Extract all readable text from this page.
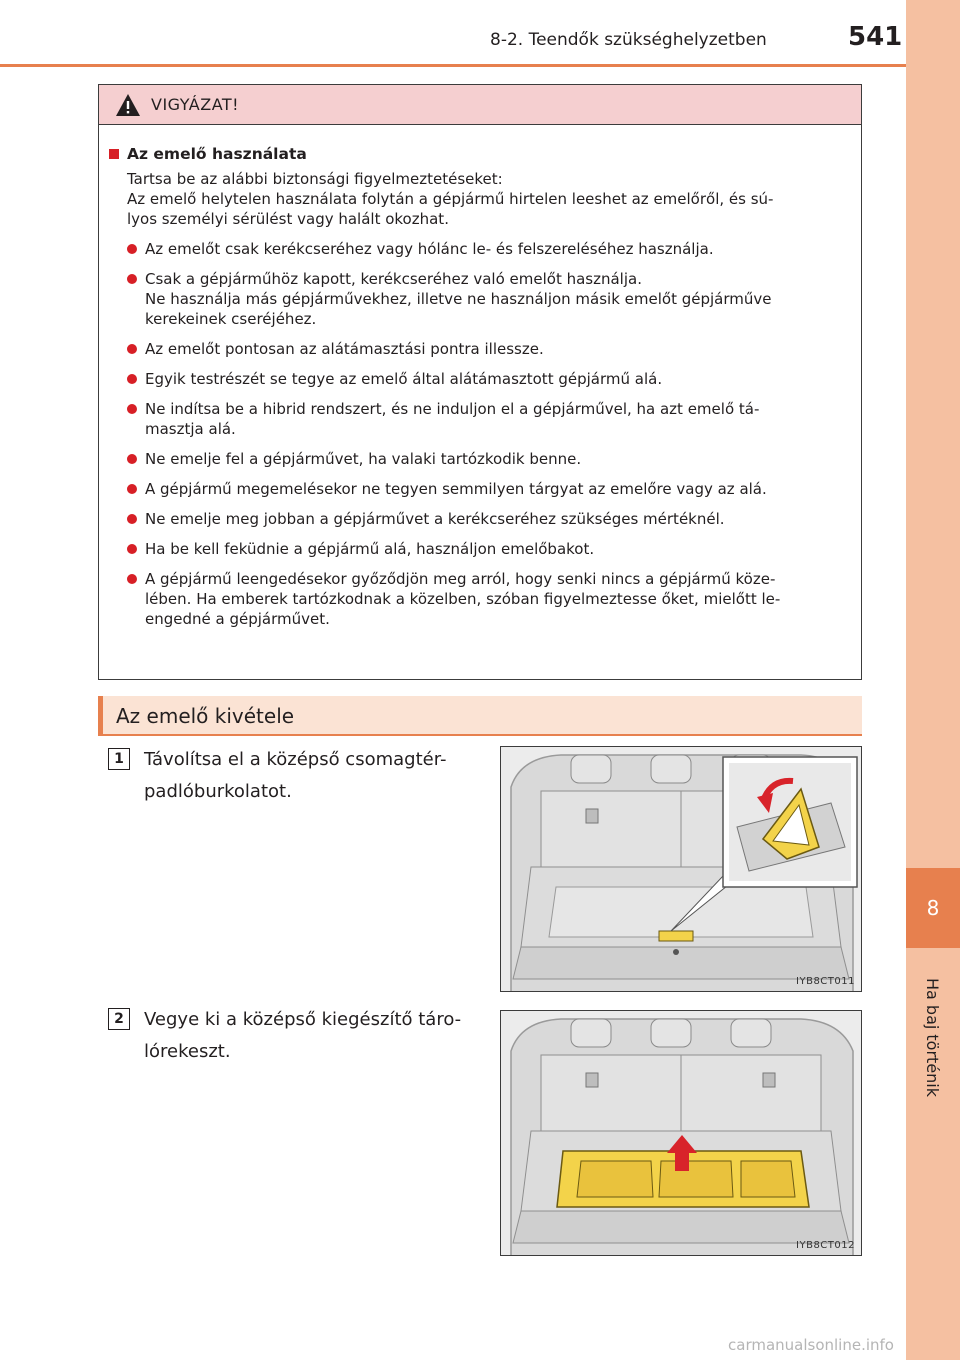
8
Ha baj történik
8-2. Teendők szükséghelyzetben	541
VIGYÁZAT!
Az emelő használata

Tartsa be az alábbi biztonsági figyelmeztetéseket:

Az emelő helytelen használata folytán a gépjármű hirtelen leeshet az emelőről, és sú-

lyos személyi sérülést vagy halált okozhat.

Az emelőt csak kerékcseréhez vagy hólánc le- és felszereléséhez használja.
Csak a gépjárműhöz kapott, kerékcseréhez való emelőt használja.
Ne használja más gépjárművekhez, illetve ne használjon másik emelőt gépjárműve
kerekeinek cseréjéhez.
Az emelőt pontosan az alátámasztási pontra illessze.
Egyik testrészét se tegye az emelő által alátámasztott gépjármű alá.
Ne indítsa be a hibrid rendszert, és ne induljon el a gépjárművel, ha azt emelő tá-
masztja alá.
Ne emelje fel a gépjárművet, ha valaki tartózkodik benne.
A gépjármű megemelésekor ne tegyen semmilyen tárgyat az emelőre vagy az alá.
Ne emelje meg jobban a gépjárművet a kerékcseréhez szükséges mértéknél.
Ha be kell feküdnie a gépjármű alá, használjon emelőbakot.
A gépjármű leengedésekor győződjön meg arról, hogy senki nincs a gépjármű köze-
lében. Ha emberek tartózkodnak a közelben, szóban figyelmeztesse őket, mielőtt le-
engedné a gépjárművet.
Az emelő kivétele
1	Távolítsa el a középső csomagtér-
padlóburkolatot.
IYB8CT011
2	Vegye ki a középső kiegészítő táro-
lórekeszt.
IYB8CT012
carmanualsonline.info
